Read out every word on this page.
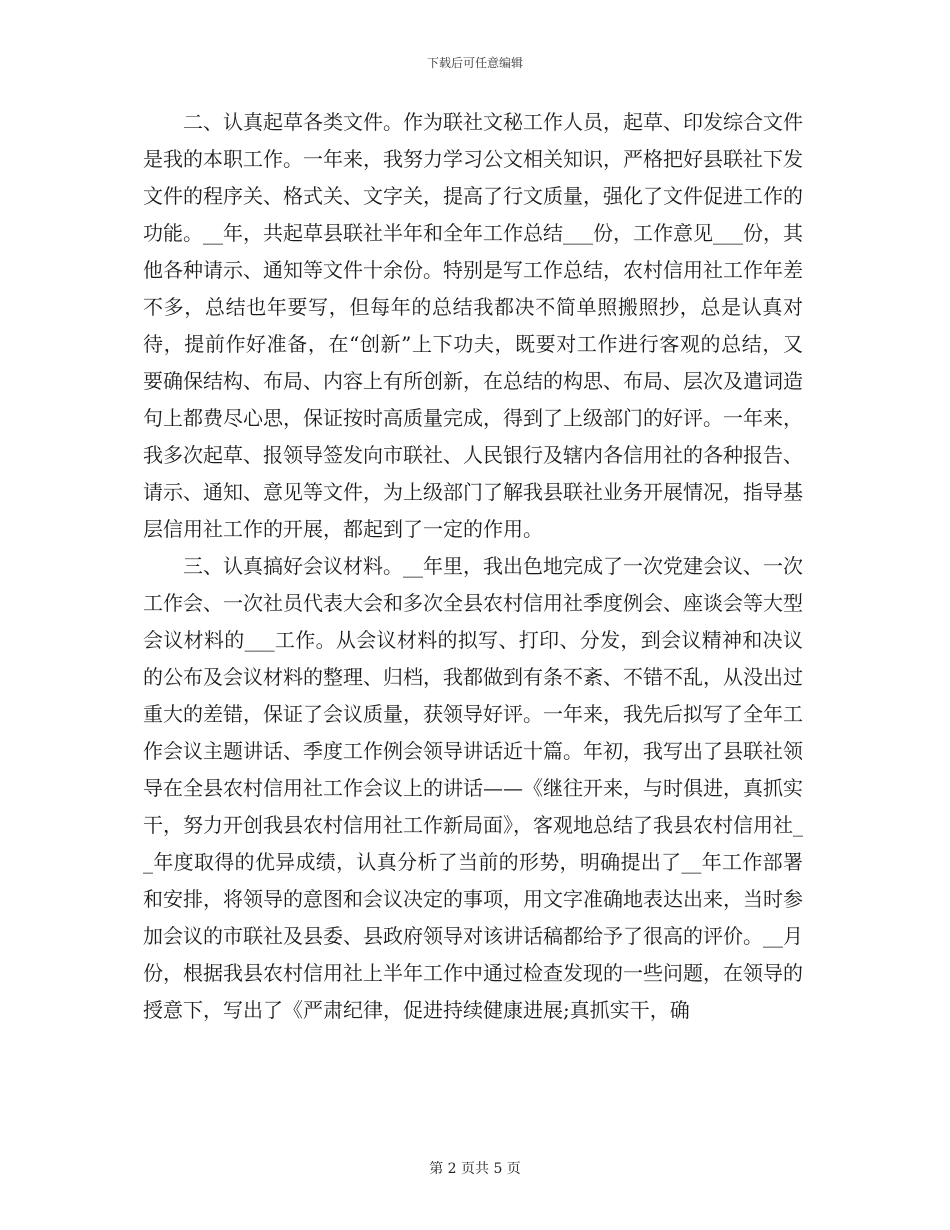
下载后可任意编辑

二、认真起草各类文件。作为联社文秘工作人员，起草、印发综合文件是我的本职工作。一年来，我努力学习公文相关知识，严格把好县联社下发文件的程序关、格式关、文字关，提高了行文质量，强化了文件促进工作的功能。__年，共起草县联社半年和全年工作总结___份，工作意见___份，其他各种请示、通知等文件十余份。特别是写工作总结，农村信用社工作年差不多，总结也年要写，但每年的总结我都决不简单照搬照抄，总是认真对待，提前作好准备，在“创新”上下功夫，既要对工作进行客观的总结，又要确保结构、布局、内容上有所创新，在总结的构思、布局、层次及遣词造句上都费尽心思，保证按时高质量完成，得到了上级部门的好评。一年来，我多次起草、报领导签发向市联社、人民银行及辖内各信用社的各种报告、请示、通知、意见等文件，为上级部门了解我县联社业务开展情况，指导基层信用社工作的开展，都起到了一定的作用。

三、认真搞好会议材料。__年里，我出色地完成了一次党建会议、一次工作会、一次社员代表大会和多次全县农村信用社季度例会、座谈会等大型会议材料的___工作。从会议材料的拟写、打印、分发，到会议精神和决议的公布及会议材料的整理、归档，我都做到有条不紊、不错不乱，从没出过重大的差错，保证了会议质量，获领导好评。一年来，我先后拟写了全年工作会议主题讲话、季度工作例会领导讲话近十篇。年初，我写出了县联社领导在全县农村信用社工作会议上的讲话——《继往开来，与时俱进，真抓实干，努力开创我县农村信用社工作新局面》，客观地总结了我县农村信用社__年度取得的优异成绩，认真分析了当前的形势，明确提出了__年工作部署和安排，将领导的意图和会议决定的事项，用文字准确地表达出来，当时参加会议的市联社及县委、县政府领导对该讲话稿都给予了很高的评价。__月份，根据我县农村信用社上半年工作中通过检查发现的一些问题，在领导的授意下，写出了《严肃纪律，促进持续健康进展;真抓实干，确

第 2 页共 5 页
